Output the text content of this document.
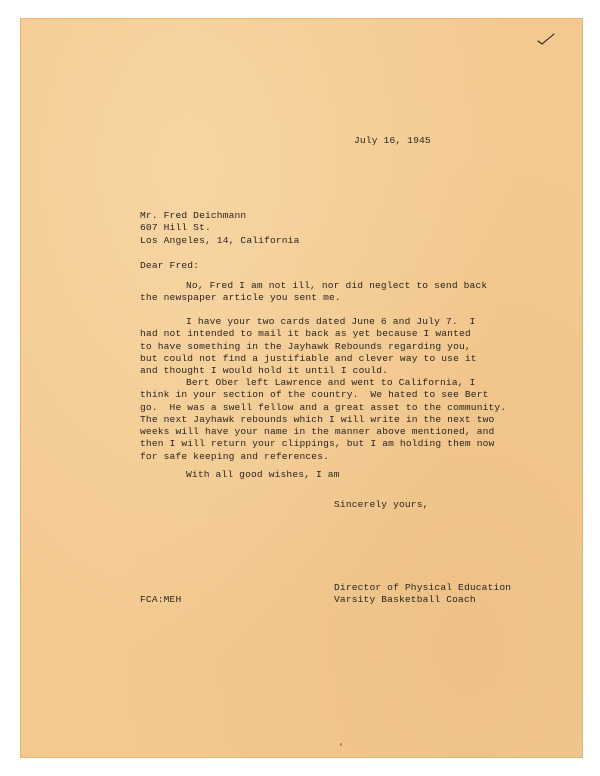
July 16, 1945
Mr. Fred Deichmann
607 Hill St.
Los Angeles, 14, California
Dear Fred:
No, Fred I am not ill, nor did neglect to send back
the newspaper article you sent me.
I have your two cards dated June 6 and July 7.  I
had not intended to mail it back as yet because I wanted
to have something in the Jayhawk Rebounds regarding you,
but could not find a justifiable and clever way to use it
and thought I would hold it until I could.
Bert Ober left Lawrence and went to California, I
think in your section of the country.  We hated to see Bert
go.  He was a swell fellow and a great asset to the community.
The next Jayhawk rebounds which I will write in the next two
weeks will have your name in the manner above mentioned, and
then I will return your clippings, but I am holding them now
for safe keeping and references.
With all good wishes, I am
Sincerely yours,
Director of Physical Education
Varsity Basketball Coach
FCA:MEH
